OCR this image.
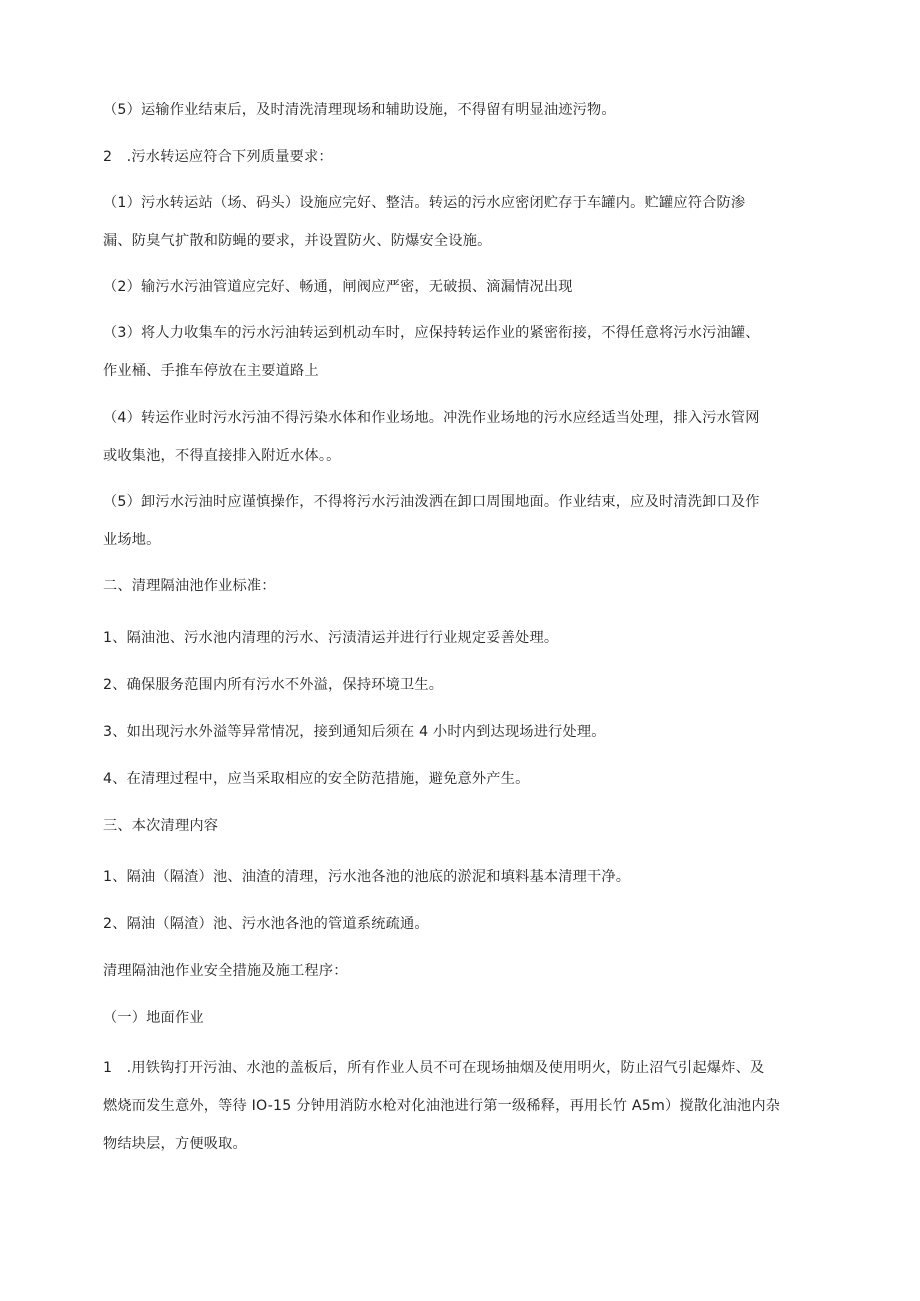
（5）运输作业结束后，及时清洗清理现场和辅助设施，不得留有明显油迹污物。
2　.污水转运应符合下列质量要求：
（1）污水转运站（场、码头）设施应完好、整洁。转运的污水应密闭贮存于车罐内。贮罐应符合防渗
漏、防臭气扩散和防蝇的要求，并设置防火、防爆安全设施。
（2）输污水污油管道应完好、畅通，闸阀应严密，无破损、滴漏情况出现
（3）将人力收集车的污水污油转运到机动车时，应保持转运作业的紧密衔接，不得任意将污水污油罐、
作业桶、手推车停放在主要道路上
（4）转运作业时污水污油不得污染水体和作业场地。冲洗作业场地的污水应经适当处理，排入污水管网
或收集池，不得直接排入附近水体。。
（5）卸污水污油时应谨慎操作，不得将污水污油泼洒在卸口周围地面。作业结束，应及时清洗卸口及作
业场地。
二、清理隔油池作业标准：
1、隔油池、污水池内清理的污水、污渍清运并进行行业规定妥善处理。
2、确保服务范围内所有污水不外溢，保持环境卫生。
3、如出现污水外溢等异常情况，接到通知后须在 4 小时内到达现场进行处理。
4、在清理过程中，应当采取相应的安全防范措施，避免意外产生。
三、本次清理内容
1、隔油（隔渣）池、油渣的清理，污水池各池的池底的淤泥和填料基本清理干净。
2、隔油（隔渣）池、污水池各池的管道系统疏通。
清理隔油池作业安全措施及施工程序：
（一）地面作业
1　.用铁钩打开污油、水池的盖板后，所有作业人员不可在现场抽烟及使用明火，防止沼气引起爆炸、及
燃烧而发生意外，等待 IO-15 分钟用消防水枪对化油池进行第一级稀释，再用长竹 A5m）搅散化油池内杂
物结块层，方便吸取。
